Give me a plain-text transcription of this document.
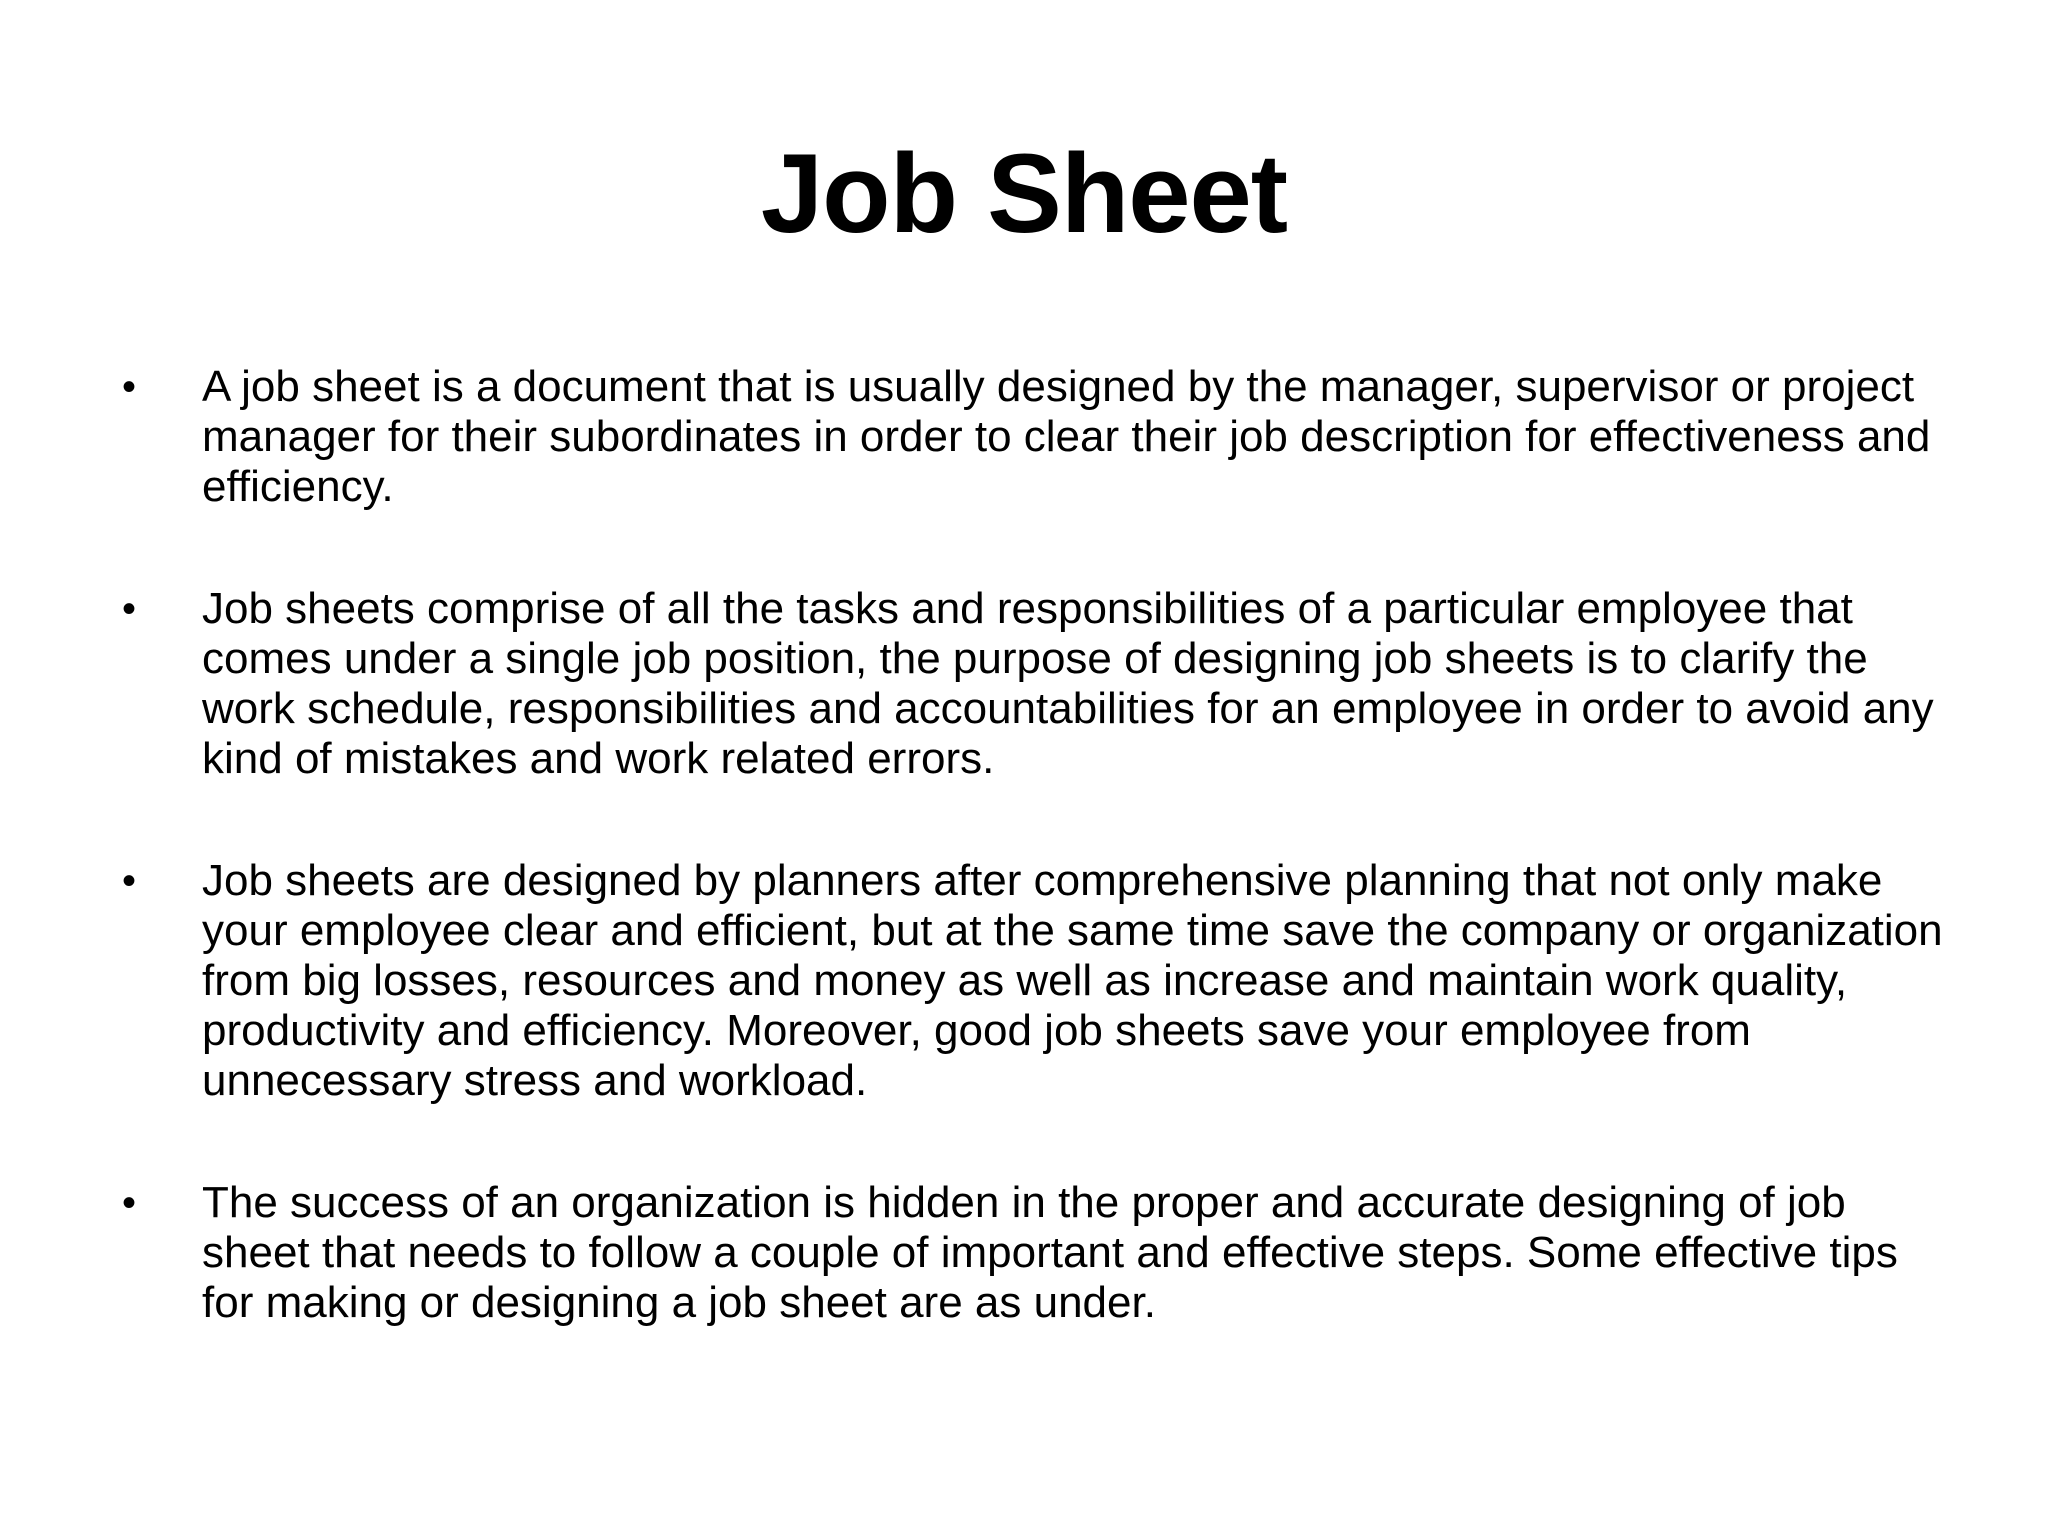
Job Sheet
• A job sheet is a document that is usually designed by the manager, supervisor or project manager for their subordinates in order to clear their job description for effectiveness and efficiency.
• Job sheets comprise of all the tasks and responsibilities of a particular employee that comes under a single job position, the purpose of designing job sheets is to clarify the work schedule, responsibilities and accountabilities for an employee in order to avoid any kind of mistakes and work related errors.
• Job sheets are designed by planners after comprehensive planning that not only make your employee clear and efficient, but at the same time save the company or organization from big losses, resources and money as well as increase and maintain work quality, productivity and efficiency. Moreover, good job sheets save your employee from unnecessary stress and workload.
• The success of an organization is hidden in the proper and accurate designing of job sheet that needs to follow a couple of important and effective steps. Some effective tips for making or designing a job sheet are as under.
